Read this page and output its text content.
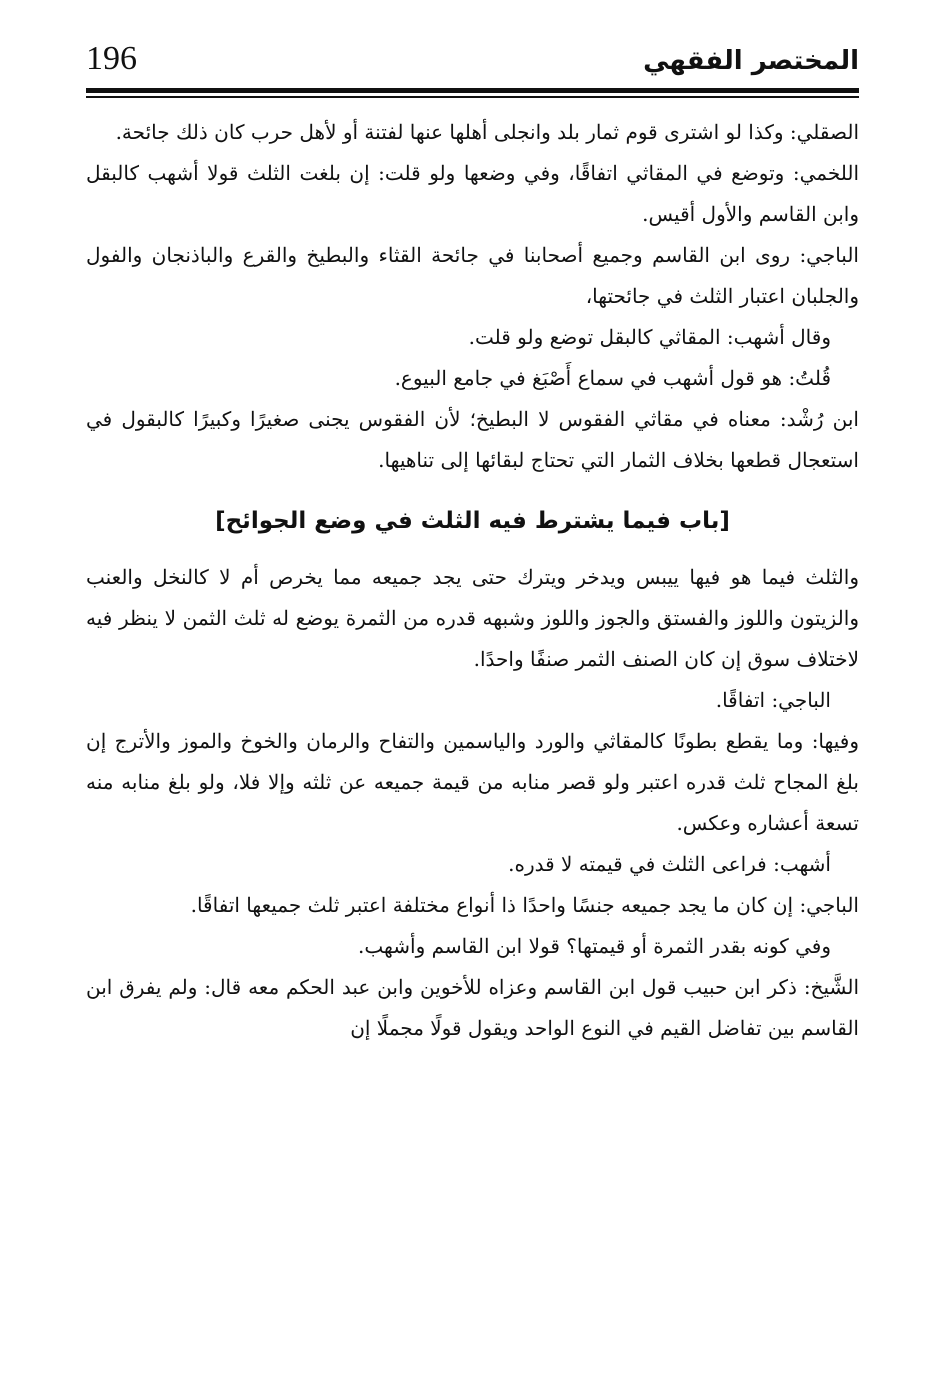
196	المختصر الفقهي

الصقلي: وكذا لو اشترى قوم ثمار بلد وانجلى أهلها عنها لفتنة أو لأهل حرب كان ذلك جائحة.

اللخمي: وتوضع في المقاثي اتفاقًا، وفي وضعها ولو قلت: إن بلغت الثلث قولا أشهب كالبقل وابن القاسم والأول أقيس.

الباجي: روى ابن القاسم وجميع أصحابنا في جائحة القثاء والبطيخ والقرع والباذنجان والفول والجلبان اعتبار الثلث في جائحتها،

وقال أشهب: المقاثي كالبقل توضع ولو قلت.

قُلتُ: هو قول أشهب في سماع أَصْبَغ في جامع البيوع.

ابن رُشْد: معناه في مقاثي الفقوس لا البطيخ؛ لأن الفقوس يجنى صغيرًا وكبيرًا كالبقول في استعجال قطعها بخلاف الثمار التي تحتاج لبقائها إلى تناهيها.

[باب فيما يشترط فيه الثلث في وضع الجوائح]

والثلث فيما هو فيها ييبس ويدخر ويترك حتى يجد جميعه مما يخرص أم لا كالنخل والعنب والزيتون واللوز والفستق والجوز واللوز وشبهه قدره من الثمرة يوضع له ثلث الثمن لا ينظر فيه لاختلاف سوق إن كان الصنف الثمر صنفًا واحدًا.

الباجي: اتفاقًا.

وفيها: وما يقطع بطونًا كالمقاثي والورد والياسمين والتفاح والرمان والخوخ والموز والأترج إن بلغ المجاح ثلث قدره اعتبر ولو قصر منابه من قيمة جميعه عن ثلثه وإلا فلا، ولو بلغ منابه منه تسعة أعشاره وعكس.

أشهب: فراعى الثلث في قيمته لا قدره.

الباجي: إن كان ما يجد جميعه جنسًا واحدًا ذا أنواع مختلفة اعتبر ثلث جميعها اتفاقًا.

وفي كونه بقدر الثمرة أو قيمتها؟ قولا ابن القاسم وأشهب.

الشَّيخ: ذكر ابن حبيب قول ابن القاسم وعزاه للأخوين وابن عبد الحكم معه قال: ولم يفرق ابن القاسم بين تفاضل القيم في النوع الواحد ويقول قولًا مجملًا إن
